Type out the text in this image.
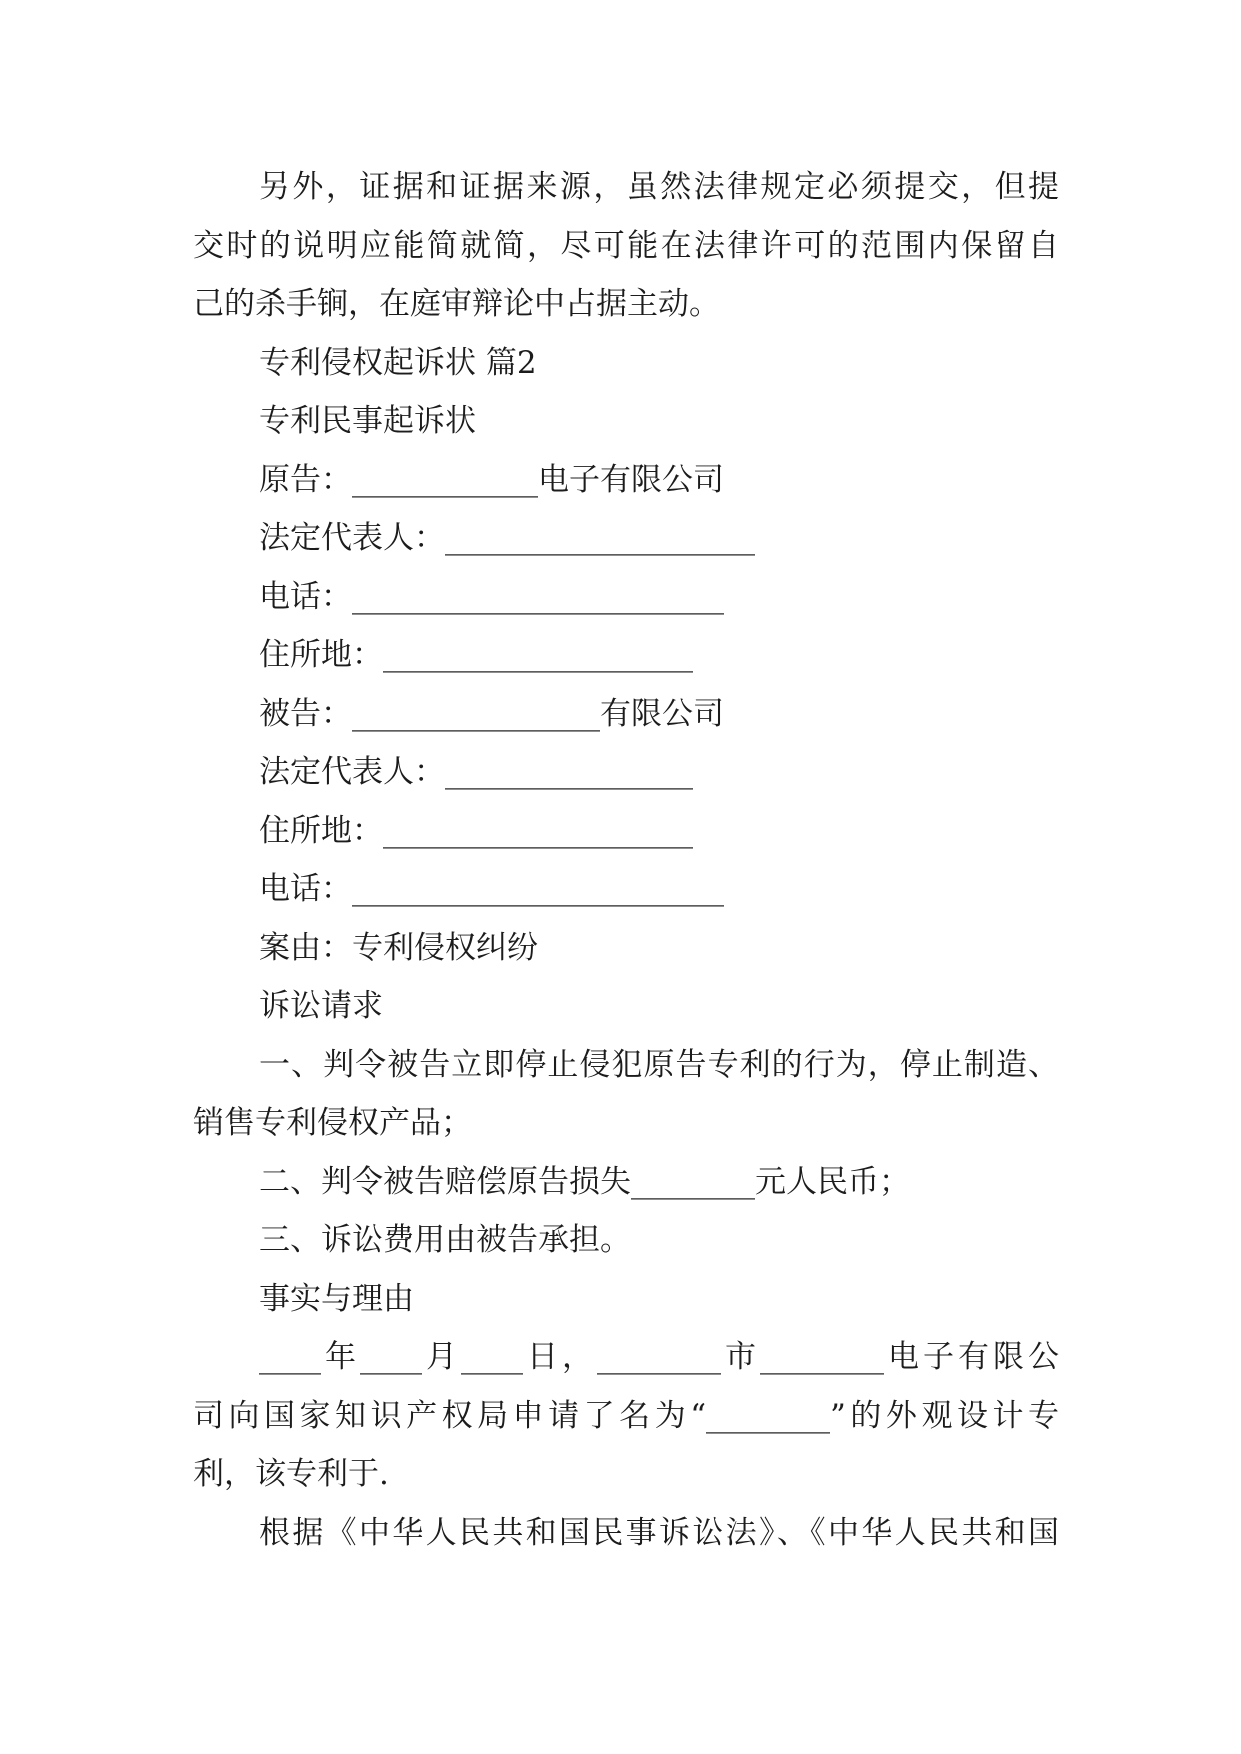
另外，证据和证据来源，虽然法律规定必须提交，但提
交时的说明应能简就简，尽可能在法律许可的范围内保留自
己的杀手锏，在庭审辩论中占据主动。
专利侵权起诉状 篇2
专利民事起诉状
原告：____________电子有限公司
法定代表人：____________________
电话：________________________
住所地：____________________
被告：________________有限公司
法定代表人：________________
住所地：____________________
电话：________________________
案由：专利侵权纠纷
诉讼请求
一、判令被告立即停止侵犯原告专利的行为，停止制造、
销售专利侵权产品；
二、判令被告赔偿原告损失________元人民币；
三、诉讼费用由被告承担。
事实与理由
____年____月____日，________市________电子有限公
司向国家知识产权局申请了名为“________”的外观设计专
利，该专利于.
根据《中华人民共和国民事诉讼法》、《中华人民共和国
